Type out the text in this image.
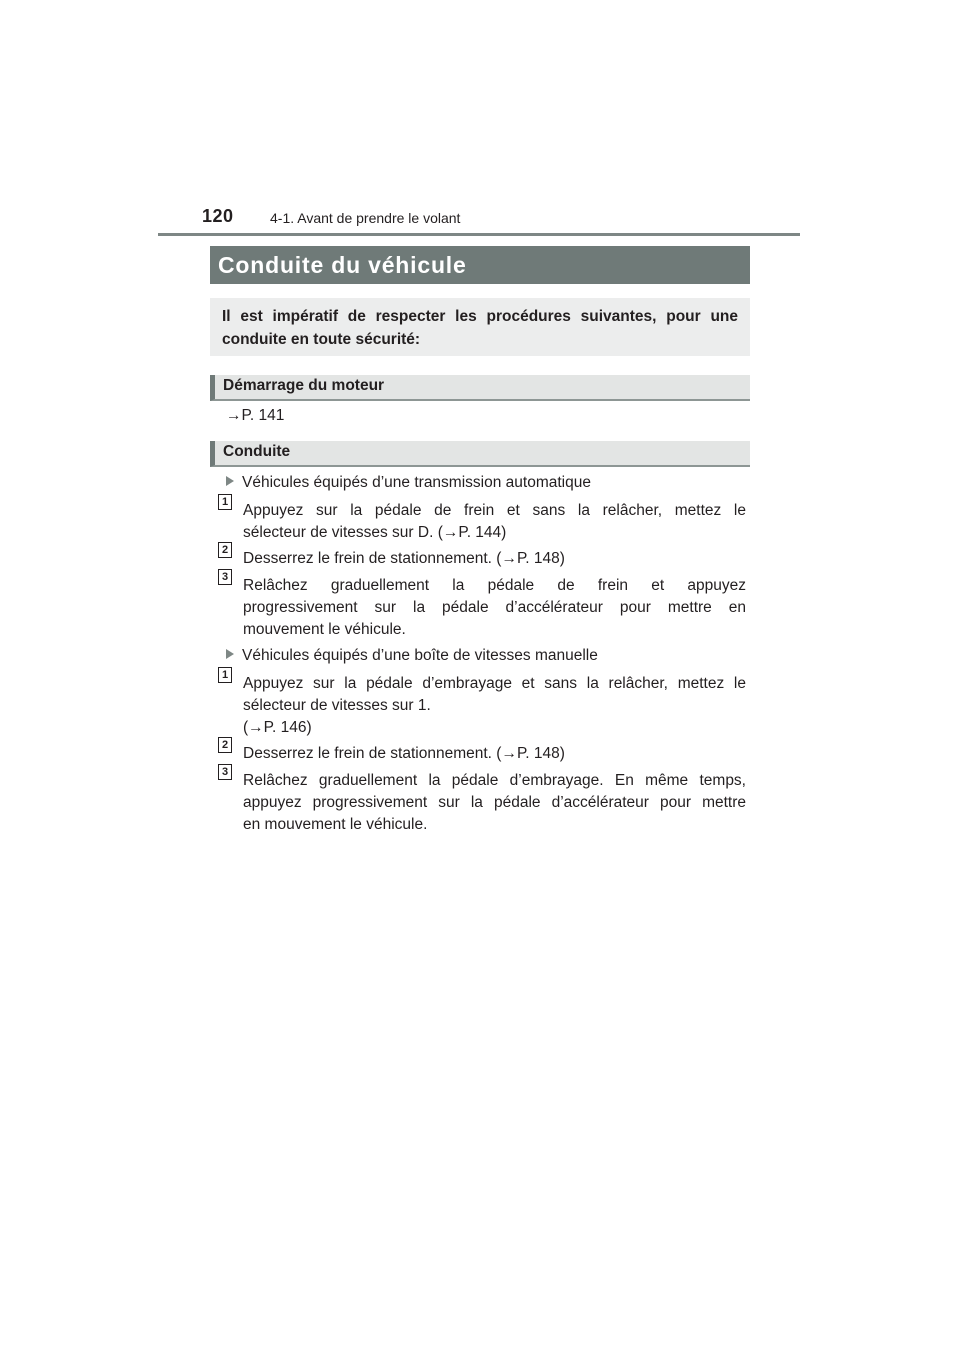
120	4-1. Avant de prendre le volant
Conduite du véhicule
Il est impératif de respecter les procédures suivantes, pour une conduite en toute sécurité:
Démarrage du moteur
→P. 141
Conduite
Véhicules équipés d’une transmission automatique
1 Appuyez sur la pédale de frein et sans la relâcher, mettez le
sélecteur de vitesses sur D. (→P. 144)
2 Desserrez le frein de stationnement. (→P. 148)
3 Relâchez graduellement la pédale de frein et appuyez
progressivement sur la pédale d’accélérateur pour mettre en
mouvement le véhicule.
Véhicules équipés d’une boîte de vitesses manuelle
1 Appuyez sur la pédale d’embrayage et sans la relâcher, mettez le
sélecteur de vitesses sur 1.
(→P. 146)
2 Desserrez le frein de stationnement. (→P. 148)
3 Relâchez graduellement la pédale d’embrayage. En même temps,
appuyez progressivement sur la pédale d’accélérateur pour mettre
en mouvement le véhicule.
